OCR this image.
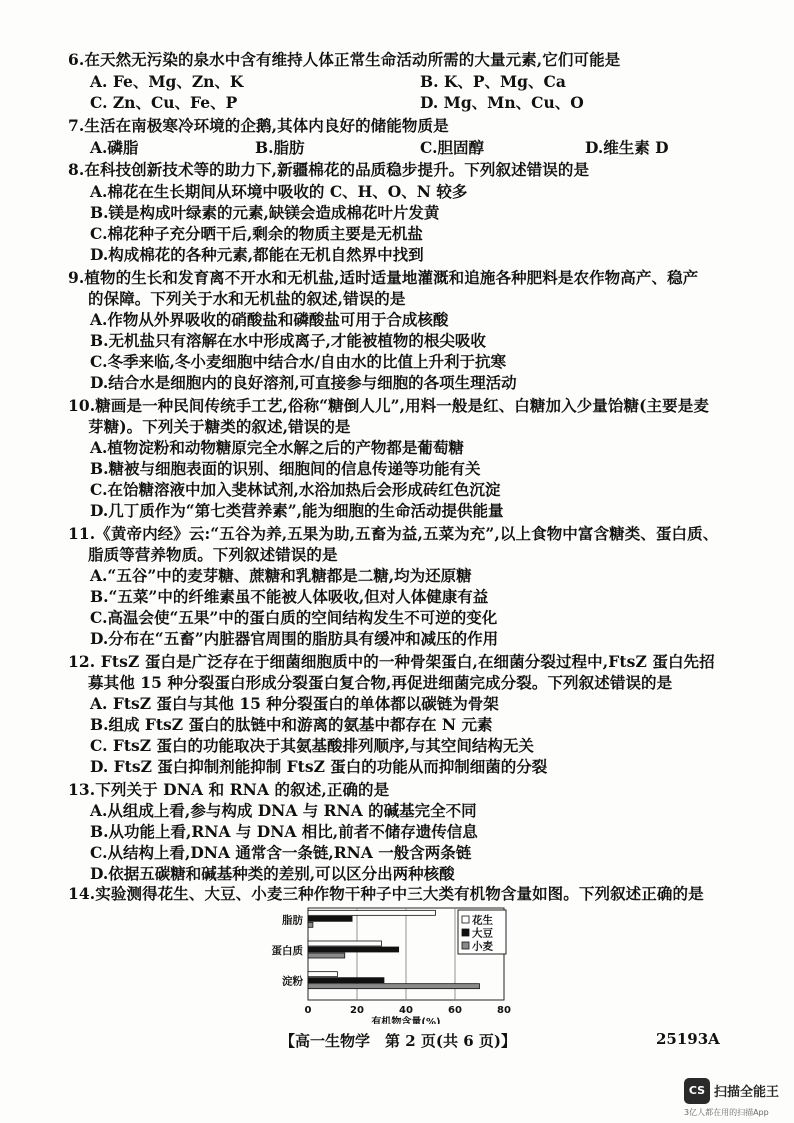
6.在天然无污染的泉水中含有维持人体正常生命活动所需的大量元素,它们可能是
A. Fe、Mg、Zn、K	B. K、P、Mg、Ca
C. Zn、Cu、Fe、P	D. Mg、Mn、Cu、O
7.生活在南极寒冷环境的企鹅,其体内良好的储能物质是
A.磷脂	B.脂肪	C.胆固醇	D.维生素 D
8.在科技创新技术等的助力下,新疆棉花的品质稳步提升。下列叙述错误的是
A.棉花在生长期间从环境中吸收的 C、H、O、N 较多
B.镁是构成叶绿素的元素,缺镁会造成棉花叶片发黄
C.棉花种子充分晒干后,剩余的物质主要是无机盐
D.构成棉花的各种元素,都能在无机自然界中找到
9.植物的生长和发育离不开水和无机盐,适时适量地灌溉和追施各种肥料是农作物高产、稳产
的保障。下列关于水和无机盐的叙述,错误的是
A.作物从外界吸收的硝酸盐和磷酸盐可用于合成核酸
B.无机盐只有溶解在水中形成离子,才能被植物的根尖吸收
C.冬季来临,冬小麦细胞中结合水/自由水的比值上升利于抗寒
D.结合水是细胞内的良好溶剂,可直接参与细胞的各项生理活动
10.糖画是一种民间传统手工艺,俗称“糖倒人儿”,用料一般是红、白糖加入少量饴糖(主要是麦
芽糖)。下列关于糖类的叙述,错误的是
A.植物淀粉和动物糖原完全水解之后的产物都是葡萄糖
B.糖被与细胞表面的识别、细胞间的信息传递等功能有关
C.在饴糖溶液中加入斐林试剂,水浴加热后会形成砖红色沉淀
D.几丁质作为“第七类营养素”,能为细胞的生命活动提供能量
11.《黄帝内经》云:“五谷为养,五果为助,五畜为益,五菜为充”,以上食物中富含糖类、蛋白质、
脂质等营养物质。下列叙述错误的是
A.“五谷”中的麦芽糖、蔗糖和乳糖都是二糖,均为还原糖
B.“五菜”中的纤维素虽不能被人体吸收,但对人体健康有益
C.高温会使“五果”中的蛋白质的空间结构发生不可逆的变化
D.分布在“五畜”内脏器官周围的脂肪具有缓冲和减压的作用
12. FtsZ 蛋白是广泛存在于细菌细胞质中的一种骨架蛋白,在细菌分裂过程中,FtsZ 蛋白先招
募其他 15 种分裂蛋白形成分裂蛋白复合物,再促进细菌完成分裂。下列叙述错误的是
A. FtsZ 蛋白与其他 15 种分裂蛋白的单体都以碳链为骨架
B.组成 FtsZ 蛋白的肽链中和游离的氨基中都存在 N 元素
C. FtsZ 蛋白的功能取决于其氨基酸排列顺序,与其空间结构无关
D. FtsZ 蛋白抑制剂能抑制 FtsZ 蛋白的功能从而抑制细菌的分裂
13.下列关于 DNA 和 RNA 的叙述,正确的是
A.从组成上看,参与构成 DNA 与 RNA 的碱基完全不同
B.从功能上看,RNA 与 DNA 相比,前者不储存遗传信息
C.从结构上看,DNA 通常含一条链,RNA 一般含两条链
D.依据五碳糖和碱基种类的差别,可以区分出两种核酸
14.实验测得花生、大豆、小麦三种作物干种子中三大类有机物含量如图。下列叙述正确的是
0	20	40	60	80
有机物含量(%)
脂肪
蛋白质
淀粉
花生
大豆
小麦
【高一生物学　第 2 页(共 6 页)】	25193A
CS 扫描全能王
3亿人都在用的扫描App
